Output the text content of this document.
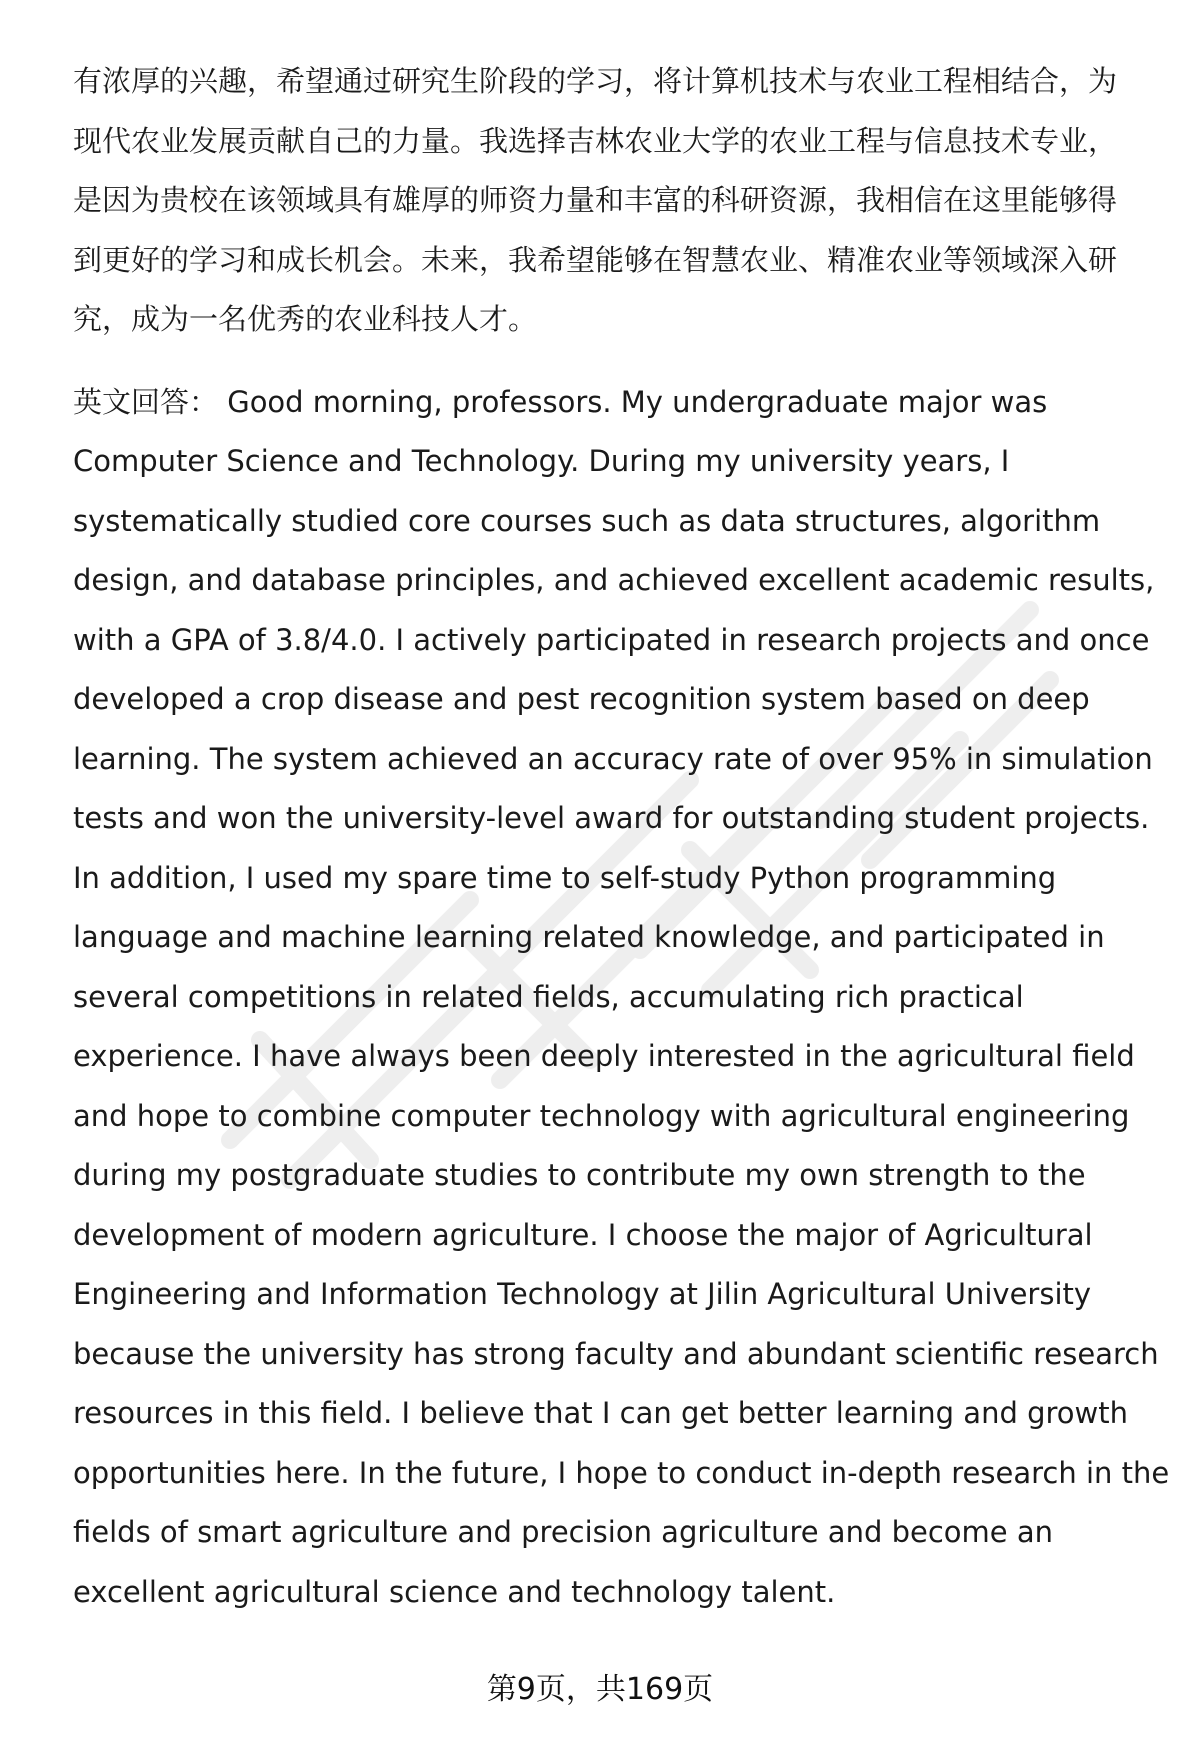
有浓厚的兴趣，希望通过研究生阶段的学习，将计算机技术与农业工程相结合，为
现代农业发展贡献自己的力量。我选择吉林农业大学的农业工程与信息技术专业，
是因为贵校在该领域具有雄厚的师资力量和丰富的科研资源，我相信在这里能够得
到更好的学习和成长机会。未来，我希望能够在智慧农业、精准农业等领域深入研
究，成为一名优秀的农业科技人才。
英文回答： Good morning, professors. My undergraduate major was
Computer Science and Technology. During my university years, I
systematically studied core courses such as data structures, algorithm
design, and database principles, and achieved excellent academic results,
with a GPA of 3.8/4.0. I actively participated in research projects and once
developed a crop disease and pest recognition system based on deep
learning. The system achieved an accuracy rate of over 95% in simulation
tests and won the university-level award for outstanding student projects.
In addition, I used my spare time to self-study Python programming
language and machine learning related knowledge, and participated in
several competitions in related fields, accumulating rich practical
experience. I have always been deeply interested in the agricultural field
and hope to combine computer technology with agricultural engineering
during my postgraduate studies to contribute my own strength to the
development of modern agriculture. I choose the major of Agricultural
Engineering and Information Technology at Jilin Agricultural University
because the university has strong faculty and abundant scientific research
resources in this field. I believe that I can get better learning and growth
opportunities here. In the future, I hope to conduct in-depth research in the
fields of smart agriculture and precision agriculture and become an
excellent agricultural science and technology talent.
第9页，共169页
